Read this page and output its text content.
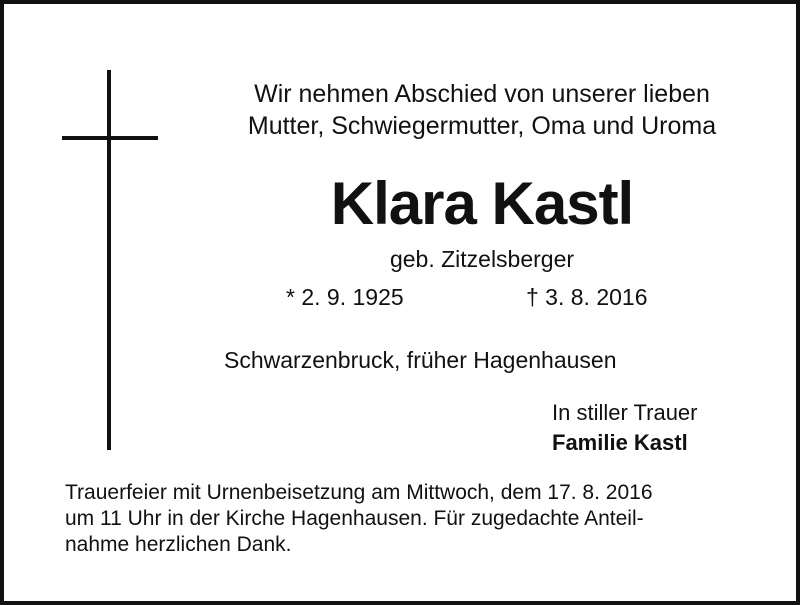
Wir nehmen Abschied von unserer lieben
Mutter, Schwiegermutter, Oma und Uroma
Klara Kastl
geb. Zitzelsberger
* 2. 9. 1925	† 3. 8. 2016
Schwarzenbruck, früher Hagenhausen
In stiller Trauer
Familie Kastl
Trauerfeier mit Urnenbeisetzung am Mittwoch, dem 17. 8. 2016
um 11 Uhr in der Kirche Hagenhausen. Für zugedachte Anteil-
nahme herzlichen Dank.
